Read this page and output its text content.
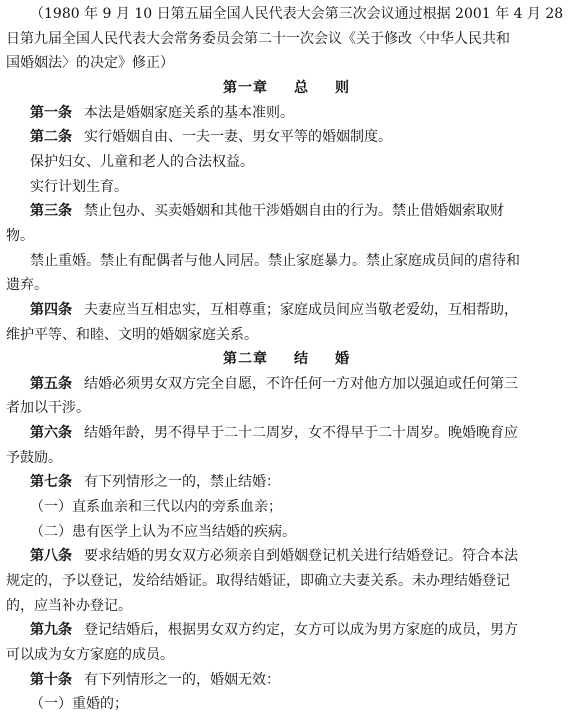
（1980 年 9 月 10 日第五届全国人民代表大会第三次会议通过根据 2001 年 4 月 28
日第九届全国人民代表大会常务委员会第二十一次会议《关于修改〈中华人民共和
国婚姻法〉的决定》修正）
第一章 总 则
第一条 本法是婚姻家庭关系的基本准则。
第二条 实行婚姻自由、一夫一妻、男女平等的婚姻制度。
保护妇女、儿童和老人的合法权益。
实行计划生育。
第三条 禁止包办、买卖婚姻和其他干涉婚姻自由的行为。禁止借婚姻索取财
物。
禁止重婚。禁止有配偶者与他人同居。禁止家庭暴力。禁止家庭成员间的虐待和
遗弃。
第四条 夫妻应当互相忠实，互相尊重；家庭成员间应当敬老爱幼，互相帮助，
维护平等、和睦、文明的婚姻家庭关系。
第二章 结 婚
第五条 结婚必须男女双方完全自愿，不许任何一方对他方加以强迫或任何第三
者加以干涉。
第六条 结婚年龄，男不得早于二十二周岁，女不得早于二十周岁。晚婚晚育应
予鼓励。
第七条 有下列情形之一的，禁止结婚：
（一）直系血亲和三代以内的旁系血亲；
（二）患有医学上认为不应当结婚的疾病。
第八条 要求结婚的男女双方必须亲自到婚姻登记机关进行结婚登记。符合本法
规定的，予以登记，发给结婚证。取得结婚证，即确立夫妻关系。未办理结婚登记
的，应当补办登记。
第九条 登记结婚后，根据男女双方约定，女方可以成为男方家庭的成员，男方
可以成为女方家庭的成员。
第十条 有下列情形之一的，婚姻无效：
（一）重婚的；
